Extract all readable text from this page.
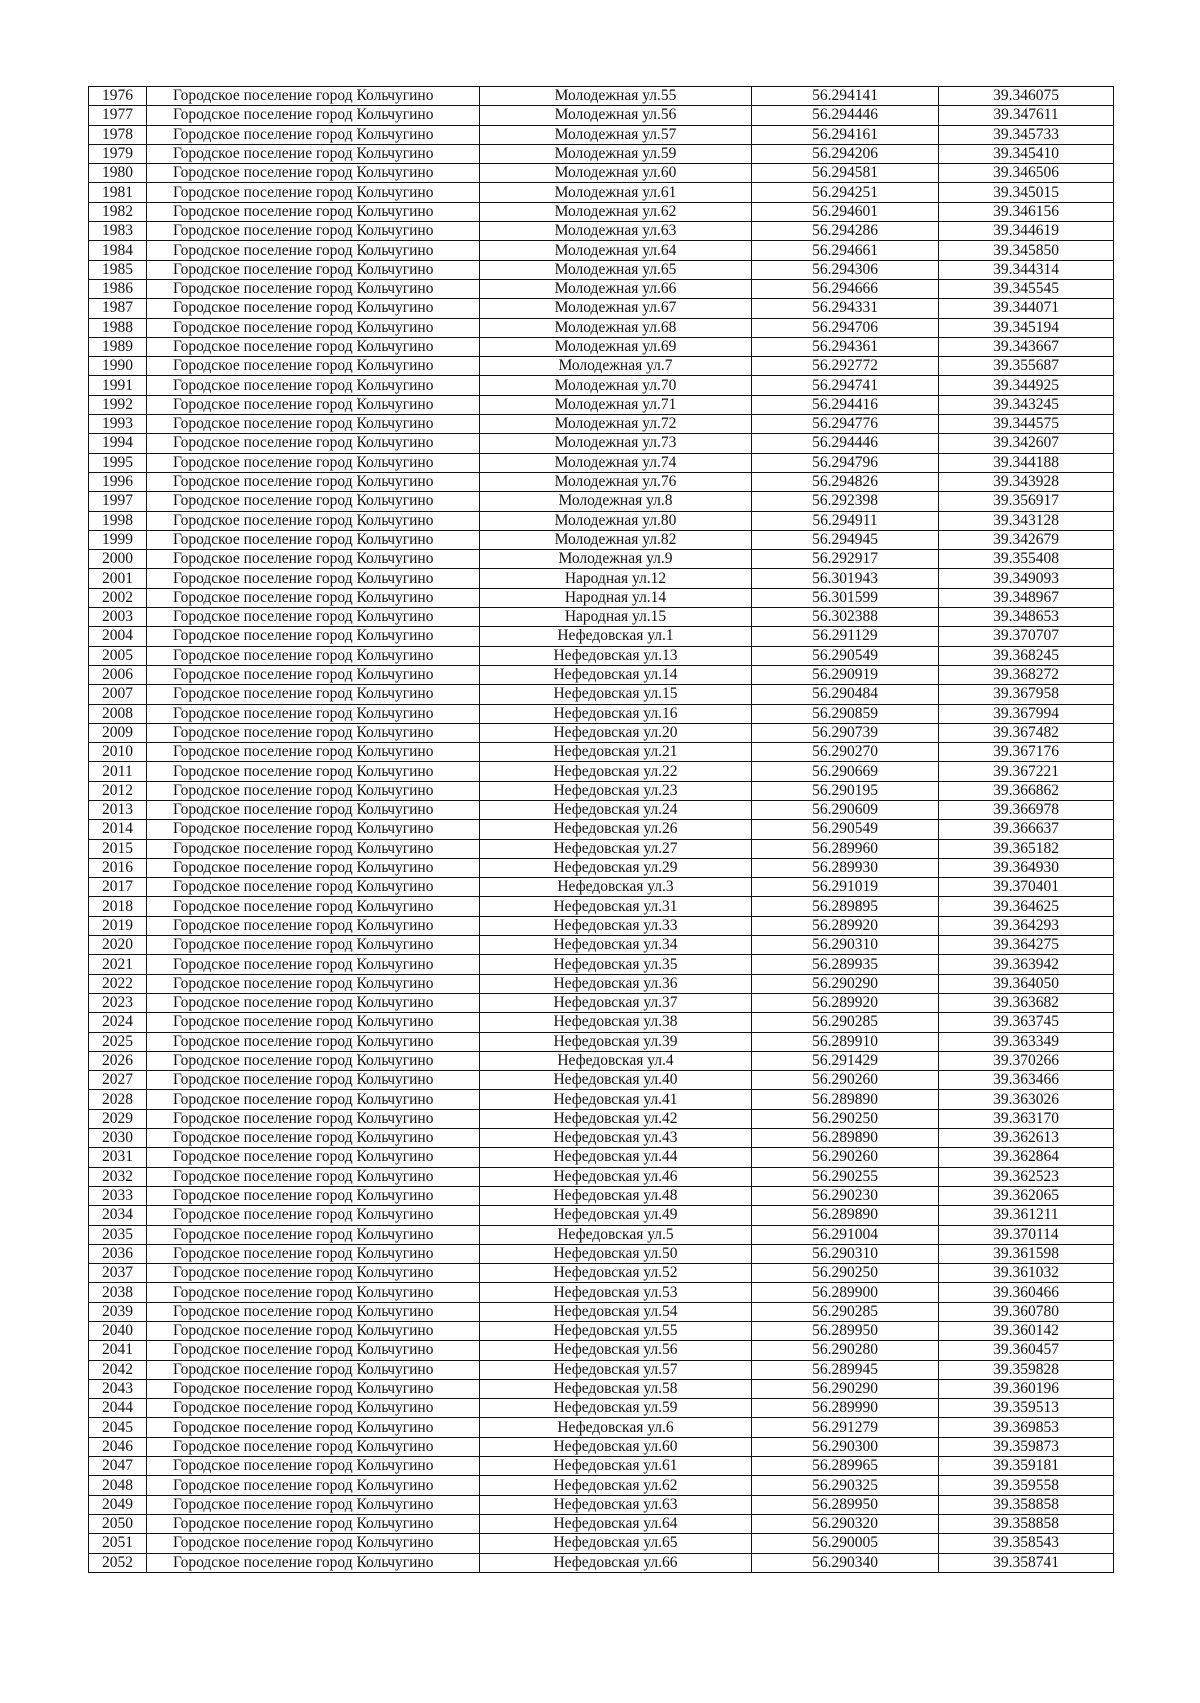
1976	Городское поселение город Кольчугино	Молодежная ул.55	56.294141	39.346075
1977	Городское поселение город Кольчугино	Молодежная ул.56	56.294446	39.347611
1978	Городское поселение город Кольчугино	Молодежная ул.57	56.294161	39.345733
1979	Городское поселение город Кольчугино	Молодежная ул.59	56.294206	39.345410
1980	Городское поселение город Кольчугино	Молодежная ул.60	56.294581	39.346506
1981	Городское поселение город Кольчугино	Молодежная ул.61	56.294251	39.345015
1982	Городское поселение город Кольчугино	Молодежная ул.62	56.294601	39.346156
1983	Городское поселение город Кольчугино	Молодежная ул.63	56.294286	39.344619
1984	Городское поселение город Кольчугино	Молодежная ул.64	56.294661	39.345850
1985	Городское поселение город Кольчугино	Молодежная ул.65	56.294306	39.344314
1986	Городское поселение город Кольчугино	Молодежная ул.66	56.294666	39.345545
1987	Городское поселение город Кольчугино	Молодежная ул.67	56.294331	39.344071
1988	Городское поселение город Кольчугино	Молодежная ул.68	56.294706	39.345194
1989	Городское поселение город Кольчугино	Молодежная ул.69	56.294361	39.343667
1990	Городское поселение город Кольчугино	Молодежная ул.7	56.292772	39.355687
1991	Городское поселение город Кольчугино	Молодежная ул.70	56.294741	39.344925
1992	Городское поселение город Кольчугино	Молодежная ул.71	56.294416	39.343245
1993	Городское поселение город Кольчугино	Молодежная ул.72	56.294776	39.344575
1994	Городское поселение город Кольчугино	Молодежная ул.73	56.294446	39.342607
1995	Городское поселение город Кольчугино	Молодежная ул.74	56.294796	39.344188
1996	Городское поселение город Кольчугино	Молодежная ул.76	56.294826	39.343928
1997	Городское поселение город Кольчугино	Молодежная ул.8	56.292398	39.356917
1998	Городское поселение город Кольчугино	Молодежная ул.80	56.294911	39.343128
1999	Городское поселение город Кольчугино	Молодежная ул.82	56.294945	39.342679
2000	Городское поселение город Кольчугино	Молодежная ул.9	56.292917	39.355408
2001	Городское поселение город Кольчугино	Народная ул.12	56.301943	39.349093
2002	Городское поселение город Кольчугино	Народная ул.14	56.301599	39.348967
2003	Городское поселение город Кольчугино	Народная ул.15	56.302388	39.348653
2004	Городское поселение город Кольчугино	Нефедовская ул.1	56.291129	39.370707
2005	Городское поселение город Кольчугино	Нефедовская ул.13	56.290549	39.368245
2006	Городское поселение город Кольчугино	Нефедовская ул.14	56.290919	39.368272
2007	Городское поселение город Кольчугино	Нефедовская ул.15	56.290484	39.367958
2008	Городское поселение город Кольчугино	Нефедовская ул.16	56.290859	39.367994
2009	Городское поселение город Кольчугино	Нефедовская ул.20	56.290739	39.367482
2010	Городское поселение город Кольчугино	Нефедовская ул.21	56.290270	39.367176
2011	Городское поселение город Кольчугино	Нефедовская ул.22	56.290669	39.367221
2012	Городское поселение город Кольчугино	Нефедовская ул.23	56.290195	39.366862
2013	Городское поселение город Кольчугино	Нефедовская ул.24	56.290609	39.366978
2014	Городское поселение город Кольчугино	Нефедовская ул.26	56.290549	39.366637
2015	Городское поселение город Кольчугино	Нефедовская ул.27	56.289960	39.365182
2016	Городское поселение город Кольчугино	Нефедовская ул.29	56.289930	39.364930
2017	Городское поселение город Кольчугино	Нефедовская ул.3	56.291019	39.370401
2018	Городское поселение город Кольчугино	Нефедовская ул.31	56.289895	39.364625
2019	Городское поселение город Кольчугино	Нефедовская ул.33	56.289920	39.364293
2020	Городское поселение город Кольчугино	Нефедовская ул.34	56.290310	39.364275
2021	Городское поселение город Кольчугино	Нефедовская ул.35	56.289935	39.363942
2022	Городское поселение город Кольчугино	Нефедовская ул.36	56.290290	39.364050
2023	Городское поселение город Кольчугино	Нефедовская ул.37	56.289920	39.363682
2024	Городское поселение город Кольчугино	Нефедовская ул.38	56.290285	39.363745
2025	Городское поселение город Кольчугино	Нефедовская ул.39	56.289910	39.363349
2026	Городское поселение город Кольчугино	Нефедовская ул.4	56.291429	39.370266
2027	Городское поселение город Кольчугино	Нефедовская ул.40	56.290260	39.363466
2028	Городское поселение город Кольчугино	Нефедовская ул.41	56.289890	39.363026
2029	Городское поселение город Кольчугино	Нефедовская ул.42	56.290250	39.363170
2030	Городское поселение город Кольчугино	Нефедовская ул.43	56.289890	39.362613
2031	Городское поселение город Кольчугино	Нефедовская ул.44	56.290260	39.362864
2032	Городское поселение город Кольчугино	Нефедовская ул.46	56.290255	39.362523
2033	Городское поселение город Кольчугино	Нефедовская ул.48	56.290230	39.362065
2034	Городское поселение город Кольчугино	Нефедовская ул.49	56.289890	39.361211
2035	Городское поселение город Кольчугино	Нефедовская ул.5	56.291004	39.370114
2036	Городское поселение город Кольчугино	Нефедовская ул.50	56.290310	39.361598
2037	Городское поселение город Кольчугино	Нефедовская ул.52	56.290250	39.361032
2038	Городское поселение город Кольчугино	Нефедовская ул.53	56.289900	39.360466
2039	Городское поселение город Кольчугино	Нефедовская ул.54	56.290285	39.360780
2040	Городское поселение город Кольчугино	Нефедовская ул.55	56.289950	39.360142
2041	Городское поселение город Кольчугино	Нефедовская ул.56	56.290280	39.360457
2042	Городское поселение город Кольчугино	Нефедовская ул.57	56.289945	39.359828
2043	Городское поселение город Кольчугино	Нефедовская ул.58	56.290290	39.360196
2044	Городское поселение город Кольчугино	Нефедовская ул.59	56.289990	39.359513
2045	Городское поселение город Кольчугино	Нефедовская ул.6	56.291279	39.369853
2046	Городское поселение город Кольчугино	Нефедовская ул.60	56.290300	39.359873
2047	Городское поселение город Кольчугино	Нефедовская ул.61	56.289965	39.359181
2048	Городское поселение город Кольчугино	Нефедовская ул.62	56.290325	39.359558
2049	Городское поселение город Кольчугино	Нефедовская ул.63	56.289950	39.358858
2050	Городское поселение город Кольчугино	Нефедовская ул.64	56.290320	39.358858
2051	Городское поселение город Кольчугино	Нефедовская ул.65	56.290005	39.358543
2052	Городское поселение город Кольчугино	Нефедовская ул.66	56.290340	39.358741
